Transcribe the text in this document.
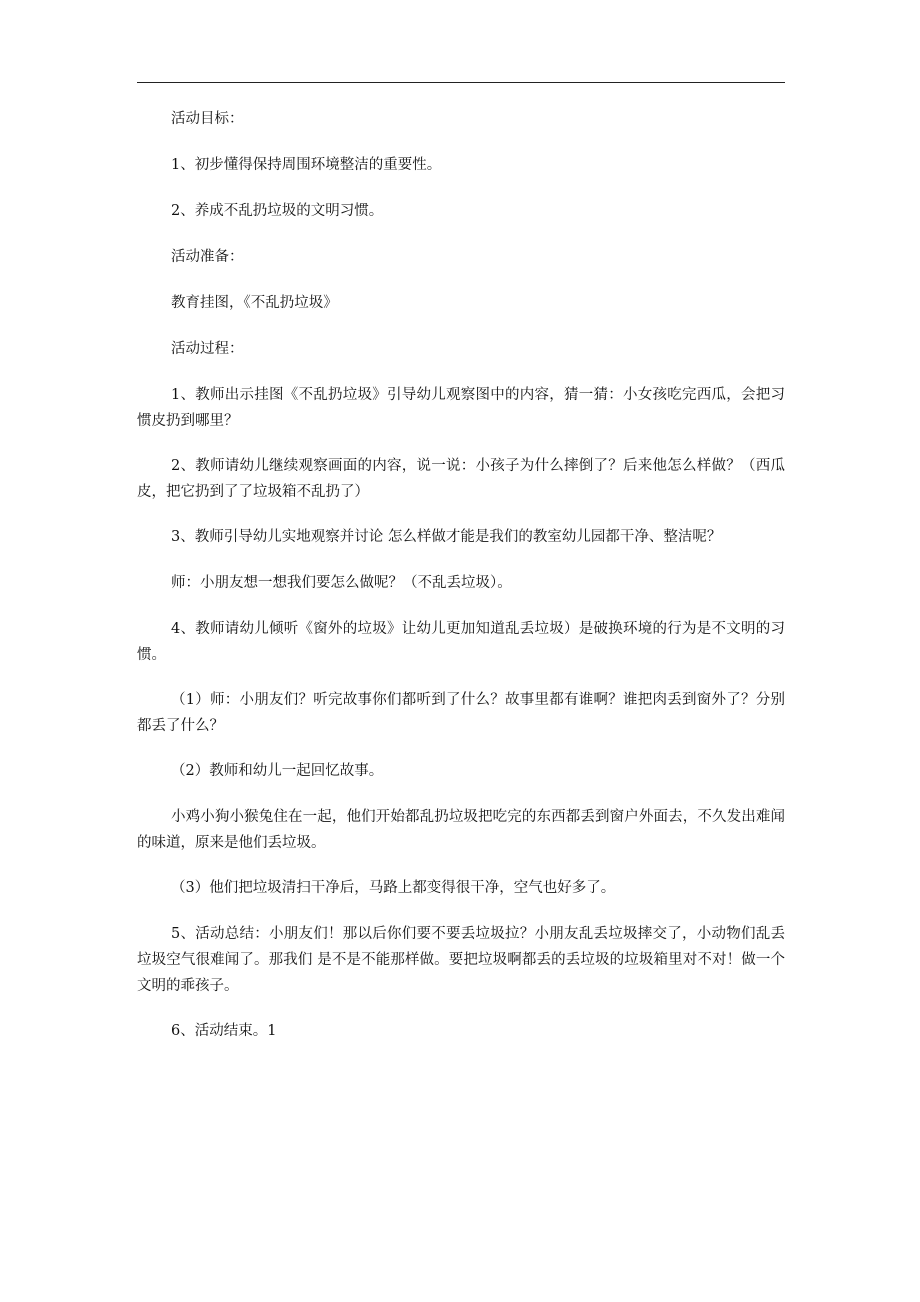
活动目标：

1、初步懂得保持周围环境整洁的重要性。

2、养成不乱扔垃圾的文明习惯。

活动准备：

教育挂图，《不乱扔垃圾》

活动过程：

1、教师出示挂图《不乱扔垃圾》引导幼儿观察图中的内容，猜一猜：小女孩吃完西瓜，会把习惯皮扔到哪里？

2、教师请幼儿继续观察画面的内容，说一说：小孩子为什么摔倒了？后来他怎么样做？（西瓜皮，把它扔到了了垃圾箱不乱扔了）

3、教师引导幼儿实地观察并讨论 怎么样做才能是我们的教室幼儿园都干净、整洁呢？

师：小朋友想一想我们要怎么做呢？（不乱丢垃圾）。

4、教师请幼儿倾听《窗外的垃圾》让幼儿更加知道乱丢垃圾）是破换环境的行为是不文明的习惯。

（1）师：小朋友们？听完故事你们都听到了什么？故事里都有谁啊？谁把肉丢到窗外了？分别都丢了什么？

（2）教师和幼儿一起回忆故事。

小鸡小狗小猴兔住在一起，他们开始都乱扔垃圾把吃完的东西都丢到窗户外面去，不久发出难闻的味道，原来是他们丢垃圾。

（3）他们把垃圾清扫干净后，马路上都变得很干净，空气也好多了。

5、活动总结：小朋友们！那以后你们要不要丢垃圾拉？小朋友乱丢垃圾摔交了，小动物们乱丢垃圾空气很难闻了。那我们 是不是不能那样做。要把垃圾啊都丢的丢垃圾的垃圾箱里对不对！做一个文明的乖孩子。

6、活动结束。1
